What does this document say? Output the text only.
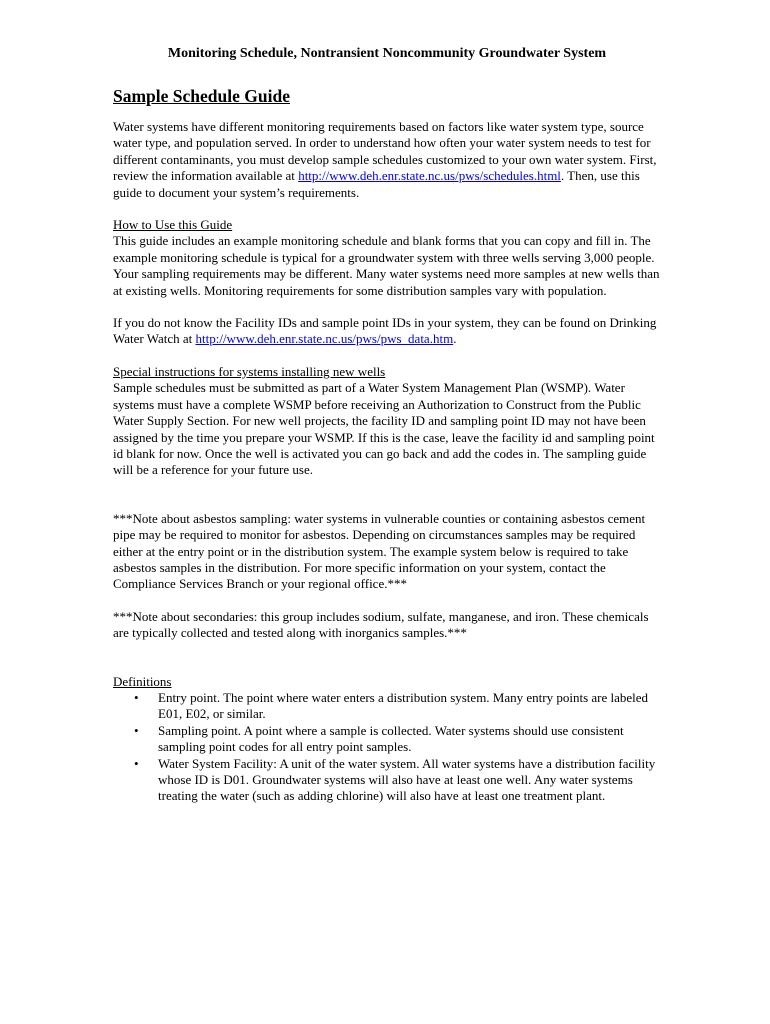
Monitoring Schedule, Nontransient Noncommunity Groundwater System
Sample Schedule Guide

Water systems have different monitoring requirements based on factors like water system type, source water type, and population served. In order to understand how often your water system needs to test for different contaminants, you must develop sample schedules customized to your own water system. First, review the information available at http://www.deh.enr.state.nc.us/pws/schedules.html. Then, use this guide to document your system’s requirements.

How to Use this Guide

This guide includes an example monitoring schedule and blank forms that you can copy and fill in. The example monitoring schedule is typical for a groundwater system with three wells serving 3,000 people. Your sampling requirements may be different. Many water systems need more samples at new wells than at existing wells. Monitoring requirements for some distribution samples vary with population.

If you do not know the Facility IDs and sample point IDs in your system, they can be found on Drinking Water Watch at http://www.deh.enr.state.nc.us/pws/pws_data.htm.

Special instructions for systems installing new wells

Sample schedules must be submitted as part of a Water System Management Plan (WSMP). Water systems must have a complete WSMP before receiving an Authorization to Construct from the Public Water Supply Section. For new well projects, the facility ID and sampling point ID may not have been assigned by the time you prepare your WSMP. If this is the case, leave the facility id and sampling point id blank for now. Once the well is activated you can go back and add the codes in. The sampling guide will be a reference for your future use.

***Note about asbestos sampling: water systems in vulnerable counties or containing asbestos cement pipe may be required to monitor for asbestos. Depending on circumstances samples may be required either at the entry point or in the distribution system. The example system below is required to take asbestos samples in the distribution. For more specific information on your system, contact the Compliance Services Branch or your regional office.***

***Note about secondaries: this group includes sodium, sulfate, manganese, and iron. These chemicals are typically collected and tested along with inorganics samples.***

Definitions

• Entry point. The point where water enters a distribution system. Many entry points are labeled E01, E02, or similar.
• Sampling point. A point where a sample is collected. Water systems should use consistent sampling point codes for all entry point samples.
• Water System Facility: A unit of the water system. All water systems have a distribution facility whose ID is D01. Groundwater systems will also have at least one well. Any water systems treating the water (such as adding chlorine) will also have at least one treatment plant.
